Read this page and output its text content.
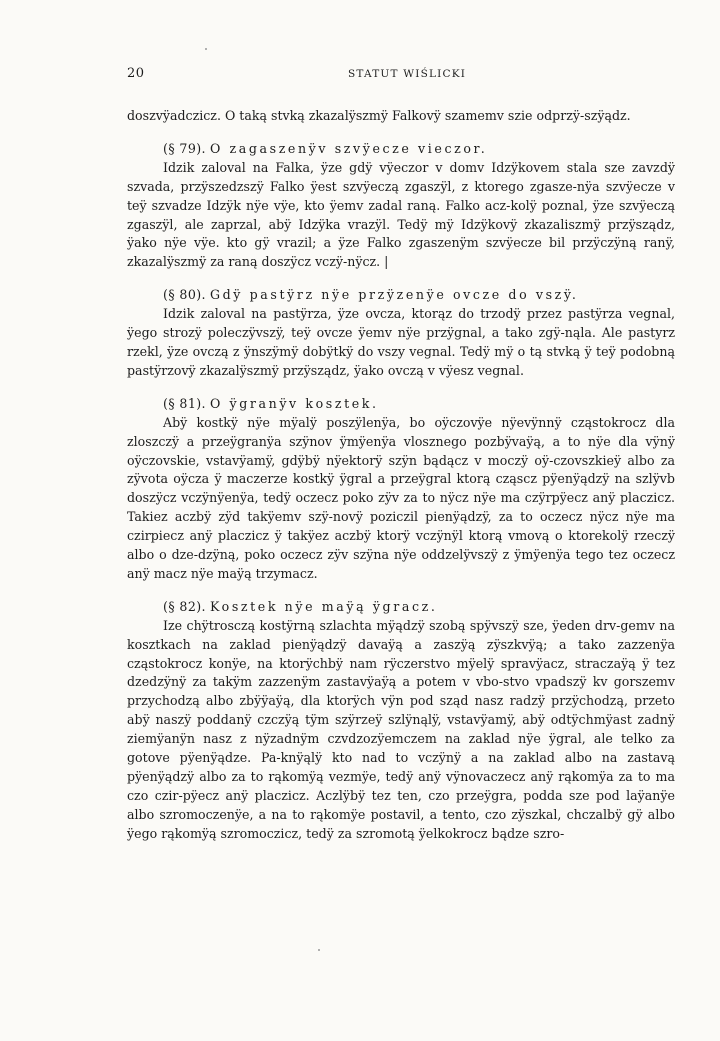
20	STATUT WIŚLICKI

doszvÿadczicz. O taką stvką zkazalÿszmÿ Falkovÿ szamemv szie odprzÿ-szÿądz.

(§ 79). O zagaszenÿv szvÿecze vieczor.

Idzik zaloval na Falka, ÿze gdÿ vÿeczor v domv Idzÿkovem stala sze zavzdÿ szvada, przÿszedzszÿ Falko ÿest szvÿeczą zgaszÿl, z ktorego zgasze-nÿa szvÿecze v teÿ szvadze Idzÿk nÿe vÿe, kto ÿemv zadal raną. Falko acz-kolÿ poznal, ÿze szvÿeczą zgaszÿl, ale zaprzal, abÿ Idzÿka vrazÿl. Tedÿ mÿ Idzÿkovÿ zkazaliszmÿ przÿsządz, ÿako nÿe vÿe. kto gÿ vrazil; a ÿze Falko zgaszenÿm szvÿecze bil przÿczÿną ranÿ, zkazalÿszmÿ za raną doszÿcz vczÿ-nÿcz. |

(§ 80). Gdÿ pastÿrz nÿe przÿzenÿe ovcze do vszÿ.

Idzik zaloval na pastÿrza, ÿze ovcza, ktorąz do trzodÿ przez pastÿrza vegnal, ÿego strozÿ poleczÿvszÿ, teÿ ovcze ÿemv nÿe przÿgnal, a tako zgÿ-nąla. Ale pastyrz rzekl, ÿze ovczą z ÿnszÿmÿ dobÿtkÿ do vszy vegnal. Tedÿ mÿ o tą stvką ÿ teÿ podobną pastÿrzovÿ zkazalÿszmÿ przÿsządz, ÿako ovczą v vÿesz vegnal.

(§ 81). O ÿgranÿv kosztek.

Abÿ kostkÿ nÿe mÿalÿ poszÿlenÿa, bo oÿczovÿe nÿevÿnnÿ cząstokrocz dla zloszczÿ a przeÿgranÿa szÿnov ÿmÿenÿa vlosznego pozbÿvaÿą, a to nÿe dla vÿnÿ oÿczovskie, vstavÿamÿ, gdÿbÿ nÿektorÿ szÿn bądącz v moczÿ oÿ-czovszkieÿ albo za zÿvota oÿcza ÿ maczerze kostkÿ ÿgral a przeÿgral ktorą cząscz pÿenÿądzÿ na szlÿvb doszÿcz vczÿnÿenÿa, tedÿ oczecz poko zÿv za to nÿcz nÿe ma czÿrpÿecz anÿ placzicz. Takiez aczbÿ zÿd takÿemv szÿ-novÿ poziczil pienÿądzÿ, za to oczecz nÿcz nÿe ma czirpiecz anÿ placzicz ÿ takÿez aczbÿ ktorÿ vczÿnÿl ktorą vmovą o ktorekolÿ rzeczÿ albo o dze-dzÿną, poko oczecz zÿv szÿna nÿe oddzelÿvszÿ z ÿmÿenÿa tego tez oczecz anÿ macz nÿe maÿą trzymacz.

(§ 82). Kosztek nÿe maÿą ÿgracz.

Ize chÿtrosczą kostÿrną szlachta mÿądzÿ szobą spÿvszÿ sze, ÿeden drv-gemv na kosztkach na zaklad pienÿądzÿ davaÿą a zaszÿą zÿszkvÿą; a tako zazzenÿa cząstokrocz konÿe, na ktorÿchbÿ nam rÿczerstvo mÿelÿ spravÿacz, straczaÿą ÿ tez dzedzÿnÿ za takÿm zazzenÿm zastavÿaÿą a potem v vbo-stvo vpadszÿ kv gorszemv przychodzą albo zbÿÿaÿą, dla ktorÿch vÿn pod sząd nasz radzÿ przÿchodzą, przeto abÿ naszÿ poddanÿ czczÿą tÿm szÿrzeÿ szlÿnąlÿ, vstavÿamÿ, abÿ odtÿchmÿast zadnÿ ziemÿanÿn nasz z nÿzadnÿm czvdzozÿemczem na zaklad nÿe ÿgral, ale telko za gotove pÿenÿądze. Pa-knÿąlÿ kto nad to vczÿnÿ a na zaklad albo na zastavą pÿenÿądzÿ albo za to rąkomÿą vezmÿe, tedÿ anÿ vÿnovaczecz anÿ rąkomÿa za to ma czo czir-pÿecz anÿ placzicz. Aczlÿbÿ tez ten, czo przeÿgra, podda sze pod laÿanÿe albo szromoczenÿe, a na to rąkomÿe postavil, a tento, czo zÿszkal, chczalbÿ gÿ albo ÿego rąkomÿą szromoczicz, tedÿ za szromotą ÿelkokrocz bądze szro-
